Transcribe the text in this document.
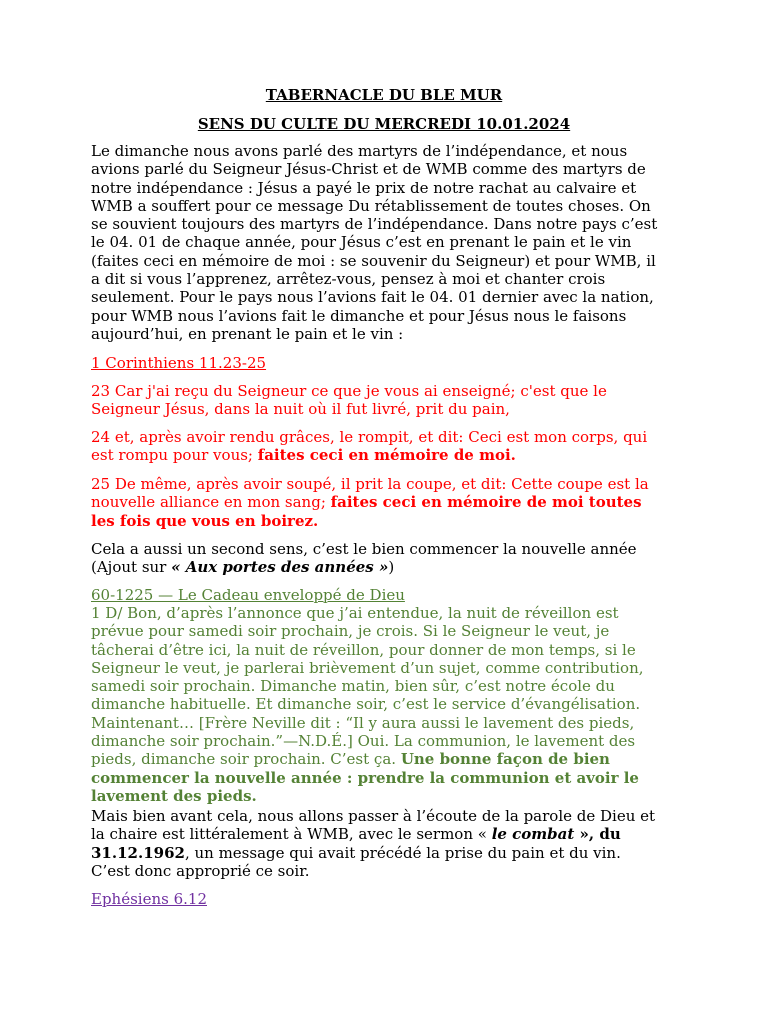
TABERNACLE DU BLE MUR

SENS DU CULTE DU MERCREDI 10.01.2024

Le dimanche nous avons parlé des martyrs de l’indépendance, et nous
avions parlé du Seigneur Jésus-Christ et de WMB comme des martyrs de
notre indépendance : Jésus a payé le prix de notre rachat au calvaire et
WMB a souffert pour ce message Du rétablissement de toutes choses. On
se souvient toujours des martyrs de l’indépendance. Dans notre pays c’est
le 04. 01 de chaque année, pour Jésus c’est en prenant le pain et le vin
(faites ceci en mémoire de moi : se souvenir du Seigneur) et pour WMB, il
a dit si vous l’apprenez, arrêtez-vous, pensez à moi et chanter crois
seulement. Pour le pays nous l’avions fait le 04. 01 dernier avec la nation,
pour WMB nous l’avions fait le dimanche et pour Jésus nous le faisons
aujourd’hui, en prenant le pain et le vin :

1 Corinthiens 11.23-25

23 Car j'ai reçu du Seigneur ce que je vous ai enseigné; c'est que le
Seigneur Jésus, dans la nuit où il fut livré, prit du pain,

24 et, après avoir rendu grâces, le rompit, et dit: Ceci est mon corps, qui
est rompu pour vous; faites ceci en mémoire de moi.

25 De même, après avoir soupé, il prit la coupe, et dit: Cette coupe est la
nouvelle alliance en mon sang; faites ceci en mémoire de moi toutes
les fois que vous en boirez.

Cela a aussi un second sens, c’est le bien commencer la nouvelle année
(Ajout sur « Aux portes des années »)

60-1225 — Le Cadeau enveloppé de Dieu

1 D/ Bon, d’après l’annonce que j’ai entendue, la nuit de réveillon est
prévue pour samedi soir prochain, je crois. Si le Seigneur le veut, je
tâcherai d’être ici, la nuit de réveillon, pour donner de mon temps, si le
Seigneur le veut, je parlerai brièvement d’un sujet, comme contribution,
samedi soir prochain. Dimanche matin, bien sûr, c’est notre école du
dimanche habituelle. Et dimanche soir, c’est le service d’évangélisation.
Maintenant… [Frère Neville dit : “Il y aura aussi le lavement des pieds,
dimanche soir prochain.”—N.D.É.] Oui. La communion, le lavement des
pieds, dimanche soir prochain. C’est ça. Une bonne façon de bien
commencer la nouvelle année : prendre la communion et avoir le
lavement des pieds.

Mais bien avant cela, nous allons passer à l’écoute de la parole de Dieu et
la chaire est littéralement à WMB, avec le sermon « le combat », du
31.12.1962, un message qui avait précédé la prise du pain et du vin.
C’est donc approprié ce soir.

Ephésiens 6.12
